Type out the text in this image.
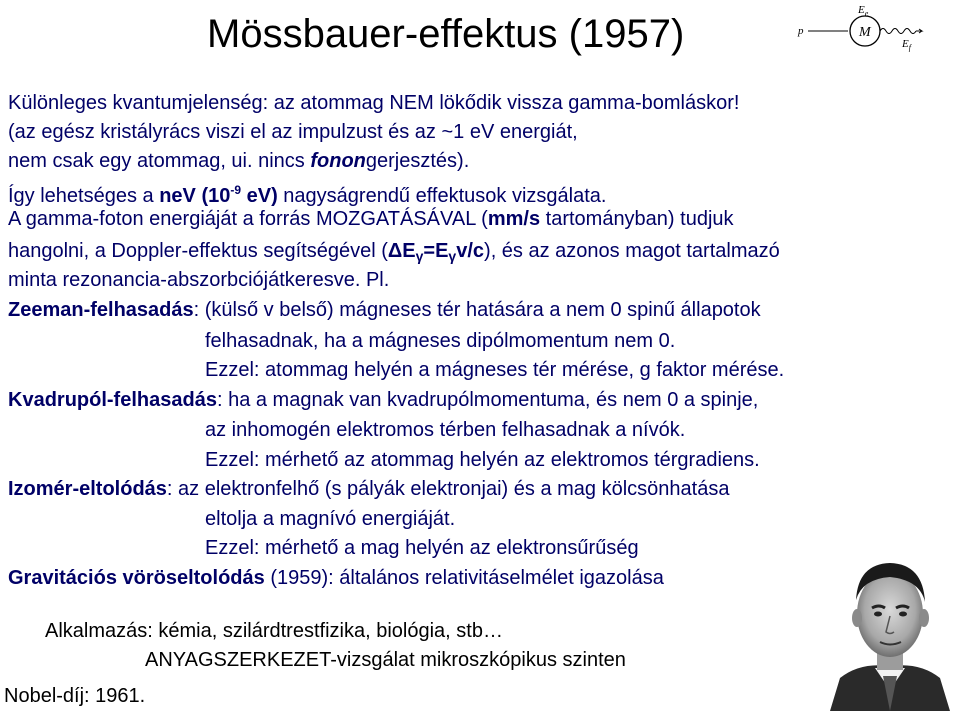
Mössbauer-effektus (1957)	p	M
$E_e$
$E_f$
Különleges kvantumjelenség: az atommag NEM lökődik vissza gamma-bomláskor!
(az egész kristályrács viszi el az impulzust és az ~1 eV energiát,
nem csak egy atommag, ui. nincs fonongerjesztés).
Így lehetséges a neV ($10^{-9}$ eV) nagyságrendű effektusok vizsgálata.
A gamma-foton energiáját a forrás MOZGATÁSÁVAL (mm/s tartományban) tudjuk
hangolni, a Doppler-effektus segítségével $(\Delta E_\gamma=E_\gamma v/c)$, és az azonos magot tartalmazó
minta rezonancia-abszorbciójátkeresve. Pl.
Zeeman-felhasadás: (külső v belső) mágneses tér hatására a nem 0 spinű állapotok
felhasadnak, ha a mágneses dipólmomentum nem 0.
Ezzel: atommag helyén a mágneses tér mérése, g faktor mérése.
Kvadrupól-felhasadás: ha a magnak van kvadrupólmomentuma, és nem 0 a spinje,
az inhomogén elektromos térben felhasadnak a nívók.
Ezzel: mérhető az atommag helyén az elektromos térgradiens.
Izomér-eltolódás: az elektronfelhő (s pályák elektronjai) és a mag kölcsönhatása
eltolja a magnívó energiáját.
Ezzel: mérhető a mag helyén az elektronsűrűség
Gravitációs vöröseltolódás (1959): általános relativitáselmélet igazolása
Alkalmazás: kémia, szilárdtrestfizika, biológia, stb…
ANYAGSZERKEZET-vizsgálat mikroszkópikus szinten
Nobel-díj: 1961.
